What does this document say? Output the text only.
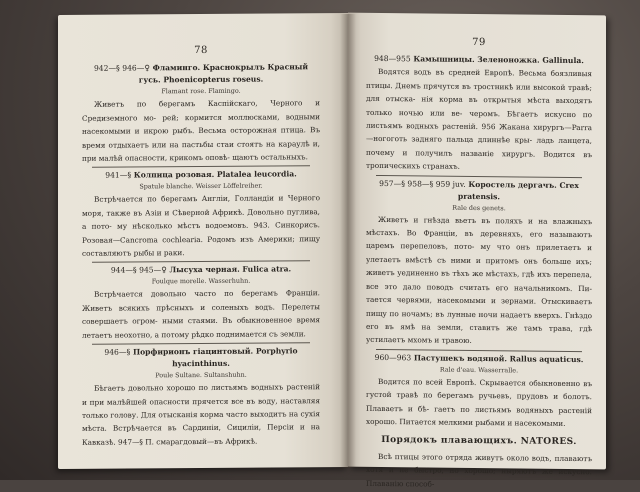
78
942—§ 946—♀ Фламинго. Краснокрылъ Красный гусь. Phoenicopterus roseus.
Flamant rose. Flamingo.

Живетъ по берегамъ Каспійскаго, Черного и Средиземного мо- рей; кормится моллюсками, водными насекомыми и икрою рыбъ. Весьма осторожная птица. Въ время отдыхаетъ или на пастьбы стаи стоятъ на караулѣ и, при малѣй опасности, крикомъ оповѣ- щаютъ остальныхъ.

941—§ Колпица розовая. Platalea leucordia.
Spatule blanche. Weisser Löffelreiher.

Встрѣчается по берегамъ Англіи, Голландіи и Черного моря, также въ Азіи и Сѣверной Африкѣ. Довольно пуглива, а пото- му нѣсколько мѣстъ водоемовъ. 943. Синкорисъ. Розовая—Cancroma cochlearia. Родомъ изъ Америки; пищу составляютъ рыбы и раки.

944—§ 945—♀ Лысуха черная. Fulica atra.
Foulque morelle. Wasserhuhn.

Встрѣчается довольно часто по берегамъ Франціи. Живетъ всякихъ прѣсныхъ и соленыхъ водъ. Перелеты совершаетъ огром- ными стаями. Въ обыкновенное время летаетъ неохотно, а потому рѣдко поднимается съ земли.

946—§ Порфирионъ гіацинтовый. Porphyrio hyacinthinus.
Poule Sultane. Sultanshuhn.

Бѣгаетъ довольно хорошо по листьямъ водныхъ растеній и при малѣйшей опасности прячется все въ воду, наставляя только голову. Для отысканія корма часто выходитъ на сухія мѣста. Встрѣчается въ Сардиніи, Сициліи, Персіи и на Кавказѣ. 947—§ П. смарагдовый—въ Африкѣ.

79
948—955 Камышницы. Зеленоножка. Gallinula.

Водятся водъ въ средней Европѣ. Весьма боязливыя птицы. Днемъ прячутся въ тростникѣ или высокой травѣ; для отыска- нія корма въ открытыя мѣста выходятъ только ночью или ве- черомъ. Бѣгаетъ искусно по листьямъ водныхъ растеній. 956 Жакана хирургъ—Parra—ногоготь задняго пальца длиннѣе кры- ладь ланцета, почему и получилъ названіе хирургъ. Водится въ тропическихъ странахъ.

957—§ 958—§ 959 juv. Коростель дергачъ. Crex pratensis.
Rale des genets.

Живетъ и гнѣзда вьетъ въ поляхъ и на влажныхъ мѣстахъ. Во Франціи, въ деревняхъ, его называютъ царемъ перепеловъ, пото- му что онъ прилетаетъ и улетаетъ вмѣстѣ съ ними и притомъ онъ больше ихъ; живетъ уединенно въ тѣхъ же мѣстахъ, гдѣ ихъ перепела, все это дало поводъ считать его начальникомъ. Пи- тается червями, насекомыми и зернами. Отыскиваетъ пищу по ночамъ; въ лунные ночи надаетъ вверхъ. Гнѣздо его въ ямѣ на земли, ставитъ же тамъ трава, гдѣ устилаетъ мхомъ и травою.

960—963 Пастушекъ водяной. Rallus aquaticus.
Rale d'eau. Wasserralle.

Водится по всей Европѣ. Скрывается обыкновенно въ густой травѣ по берегамъ ручьевъ, прудовъ и болотъ. Плаваетъ и бѣ- гаетъ по листьямъ водяныхъ растеній хорошо. Питается мелкими рыбами и насекомыми.

Порядокъ плавающихъ. NATORES.

Всѣ птицы этого отряда живутъ около водъ, плаваютъ хотя и не быстро, но хорошо; ныряютъ же искусно. Плаванію способ-
